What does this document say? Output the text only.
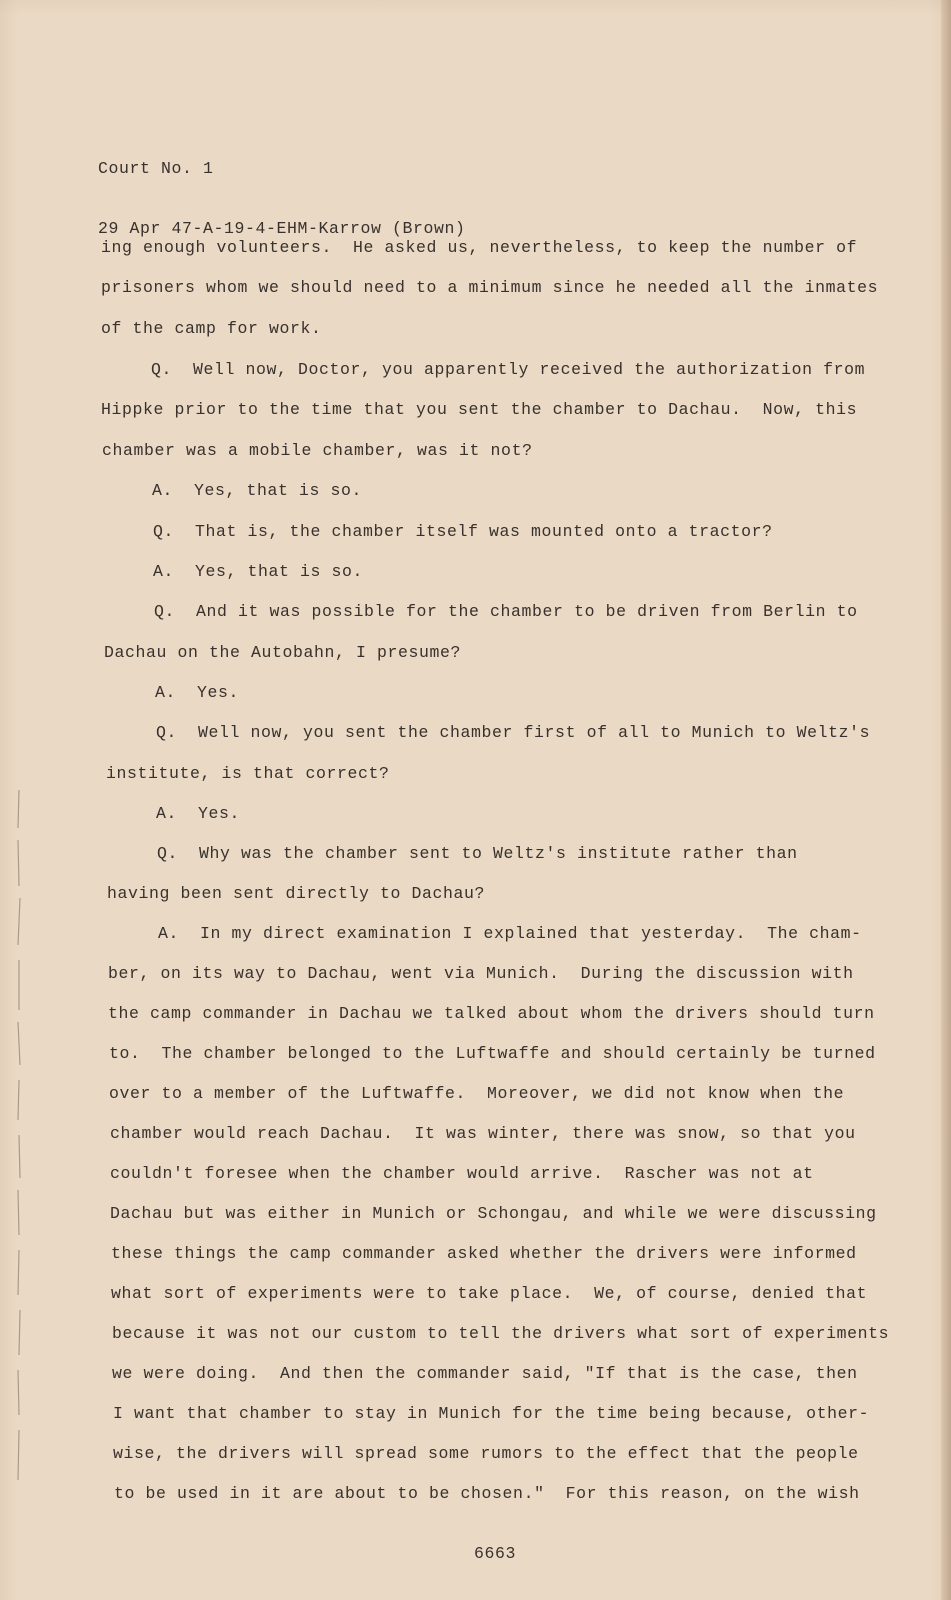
Court No. 1

29 Apr 47-A-19-4-EHM-Karrow (Brown)

ing enough volunteers.  He asked us, nevertheless, to keep the number of
prisoners whom we should need to a minimum since he needed all the inmates
of the camp for work.
Q.  Well now, Doctor, you apparently received the authorization from
Hippke prior to the time that you sent the chamber to Dachau.  Now, this
chamber was a mobile chamber, was it not?
A.  Yes, that is so.
Q.  That is, the chamber itself was mounted onto a tractor?
A.  Yes, that is so.
Q.  And it was possible for the chamber to be driven from Berlin to
Dachau on the Autobahn, I presume?
A.  Yes.
Q.  Well now, you sent the chamber first of all to Munich to Weltz's
institute, is that correct?
A.  Yes.
Q.  Why was the chamber sent to Weltz's institute rather than
having been sent directly to Dachau?
A.  In my direct examination I explained that yesterday.  The cham-
ber, on its way to Dachau, went via Munich.  During the discussion with
the camp commander in Dachau we talked about whom the drivers should turn
to.  The chamber belonged to the Luftwaffe and should certainly be turned
over to a member of the Luftwaffe.  Moreover, we did not know when the
chamber would reach Dachau.  It was winter, there was snow, so that you
couldn't foresee when the chamber would arrive.  Rascher was not at
Dachau but was either in Munich or Schongau, and while we were discussing
these things the camp commander asked whether the drivers were informed
what sort of experiments were to take place.  We, of course, denied that
because it was not our custom to tell the drivers what sort of experiments
we were doing.  And then the commander said, "If that is the case, then
I want that chamber to stay in Munich for the time being because, other-
wise, the drivers will spread some rumors to the effect that the people
to be used in it are about to be chosen."  For this reason, on the wish
6663
